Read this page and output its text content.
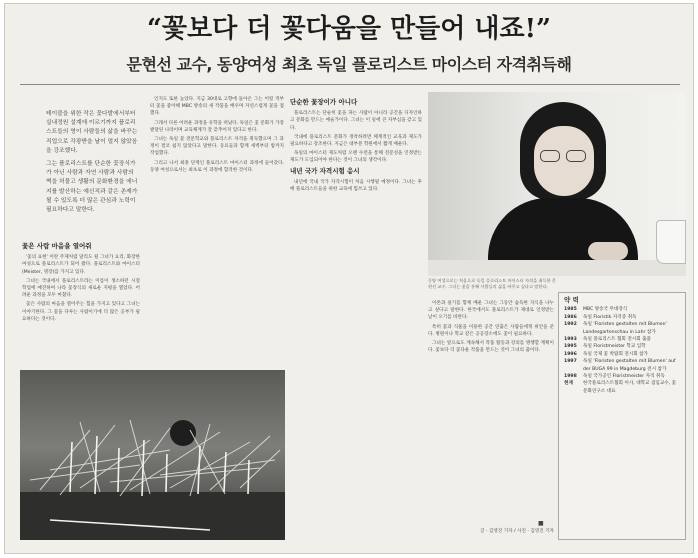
“꽃보다 더 꽃다움을 만들어 내죠!”
문현선 교수, 동양여성 최초 독일 플로리스트 마이스터 자격취득해

테이블을 위한 작은 꽃다발에서부터 실내정원 설계에 이르기까지 플로리스트들의 영이 사람들의 삶을 바꾸는 직업으로 각광받을 날이 멀지 않았음을 강조했다.

그는 플로리스트를 단순한 꽃장식가가 아닌 사람과 자연 사람과 사람의 벽을 허물고 생활의 문화환경을 에너지를 발산하는 예신직과 같은 존재가 될 수 있도록 더 많은 관심과 노력이 필요하다고 말한다.

꽃은 사람 마음을 열어줘

'꽃의 표현' 이란 주제처럼 달리도 될 그녀가 요리, 화장한 여성으로 플로리스트가 되어 왔다. 플로리스트와 마이스터(Meister, 명장)를 가지고 있다.

그녀는 국내에서 플로리스트라는 이름이 생소하던 시절 학업에 매진하여 나라 꽃장식의 새로운 지평을 열었다. 어려운 과정을 모두 마쳤다.

꽃은 사람의 마음을 열어주는 힘을 가지고 있다고 그녀는 이야기한다. 그 꽃을 다루는 사람이기에 더 많은 공부가 필요하다는 것이다.

인지도 또한 높았다. 지금 30대로 고향에 돌아온 그는 어릴 적부터 꽃을 좋아해 MBC 방송의 새 작품을 배우며 자연스럽게 꽃을 접했다.

그래서 다른 어려운 과정을 유학을 떠났다. 독일은 꽃 문화가 가장 발달된 나라이며 교육체계가 잘 갖추어져 있다고 한다.

그녀는 독일 꽃 전문학교와 플로리스트 자격을 취득했으며 그 과정이 결코 쉽지 않았다고 말한다. 동료들과 함께 새벽부터 밤까지 작업했다.

그리고 나서 최종 단계인 플로리스트 마이스터 과정에 들어갔다. 동양 여성으로서는 최초로 이 과정에 합격한 것이다.

단순한 꽃장이가 아니다

플로리스트는 단순히 꽃을 파는 사람이 아니라 공간을 디자인하고 문화를 만드는 예술가이다. 그녀는 이 일에 큰 자부심을 갖고 있다.

국내에 플로리스트 문화가 정착하려면 체계적인 교육과 제도가 필요하다고 강조한다. 지금은 대부분 학원에서 짧게 배운다.

독일의 마이스터 제도처럼 오랜 수련을 통해 전문성을 인정받는 제도가 도입되어야 한다는 것이 그녀의 생각이다.

내년 국가 자격시험 응시

내년에 국내 국가 자격시험이 처음 시행될 예정이다. 그녀는 후배 플로리스트들을 위한 교육에 힘쓰고 있다.

이론과 실기를 함께 배운 그녀는 그동안 습득한 지식을 나누고 싶다고 말한다. 한국에서도 플로리스트가 제대로 인정받는 날이 오기를 바란다.

특히 꽃과 식물을 이용한 공간 연출은 사람들에게 위안을 준다. 병원이나 학교 같은 공공장소에도 꽃이 필요하다.

그녀는 앞으로도 계속해서 작품 활동과 강의를 병행할 계획이다. 꽃보다 더 꽃다운 작품을 만드는 것이 그녀의 꿈이다.

동양 여성으로는 처음으로 독일 플로리스트 마이스터 자격을 취득한 문현선 교수. 그녀는 꽃을 통해 사람들의 삶을 바꾸고 싶다고 말한다.
약 력
1985	MBC 방송국 무대장식
1986	독일 Floristik 자격증 취득
1992	독일 'Floristen gestalten mit Blumen' Landesgartenschau in Lahr 참가
1993	독일 플로리스트 협회 전시회 출품
1995	독일 Floristmeister 학교 입학
1996	독일 국제 꽃 박람회 전시회 참가
1997	독일 'Floristen gestalten mit Blumen' auf der BUGA 99 in Magdeburg 전시 참가
1998	독일 국가공인 Floristmeister 자격 취득
현재	한국플로리스트협회 이사, 대학교 겸임교수, 꽃 문화연구소 대표
글 · 김영진 기자 / 사진 · 김영진 기자
■
